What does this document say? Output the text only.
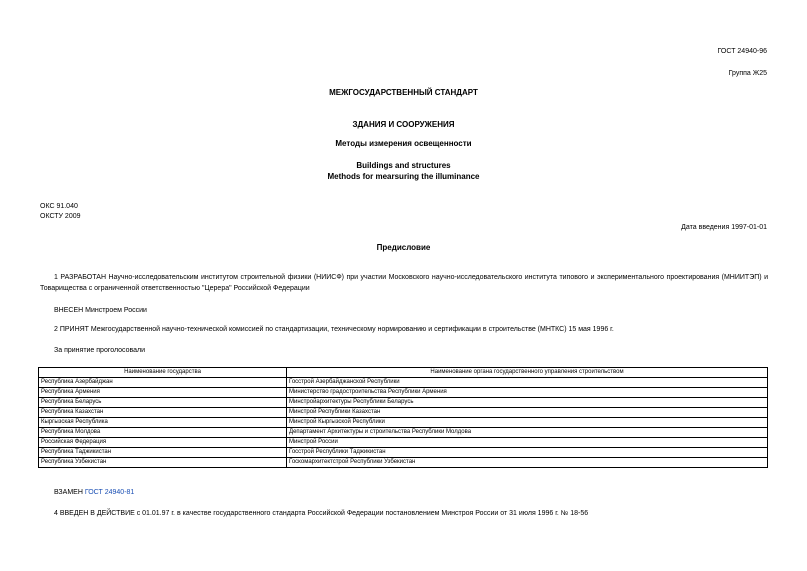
ГОСТ 24940-96
Группа Ж25
МЕЖГОСУДАРСТВЕННЫЙ СТАНДАРТ
ЗДАНИЯ И СООРУЖЕНИЯ
Методы измерения освещенности
Buildings and structures
Methods for mearsuring the illuminance
ОКС 91.040
ОКСТУ 2009
Дата введения 1997-01-01
Предисловие
1 РАЗРАБОТАН Научно-исследовательским институтом строительной физики (НИИСФ) при участии Московского научно-исследовательского института типового и экспериментального проектирования (МНИИТЭП) и Товарищества с ограниченной ответственностью "Церера" Российской Федерации
ВНЕСЕН Минстроем России
2 ПРИНЯТ Межгосударственной научно-технической комиссией по стандартизации, техническому нормированию и сертификации в строительстве (МНТКС) 15 мая 1996 г.
За принятие проголосовали
Наименование государства	Наименование органа государственного управления строительством
Республика Азербайджан	Госстрой Азербайджанской Республики
Республика Армения	Министерство градостроительства Республики Армения
Республика Беларусь	Минстройархитектуры Республики Беларусь
Республика Казахстан	Минстрой Республики Казахстан
Кыргызская Республика	Минстрой Кыргызской Республики
Республика Молдова	Департамент Архитектуры и строительства Республики Молдова
Российская Федерация	Минстрой России
Республика Таджикистан	Госстрой Республики Таджикистан
Республика Узбекистан	Госкомархитектстрой Республики Узбекистан
ВЗАМЕН ГОСТ 24940-81
4 ВВЕДЕН В ДЕЙСТВИЕ с 01.01.97 г. в качестве государственного стандарта Российской Федерации постановлением Минстроя России от 31 июля 1996 г. № 18-56
